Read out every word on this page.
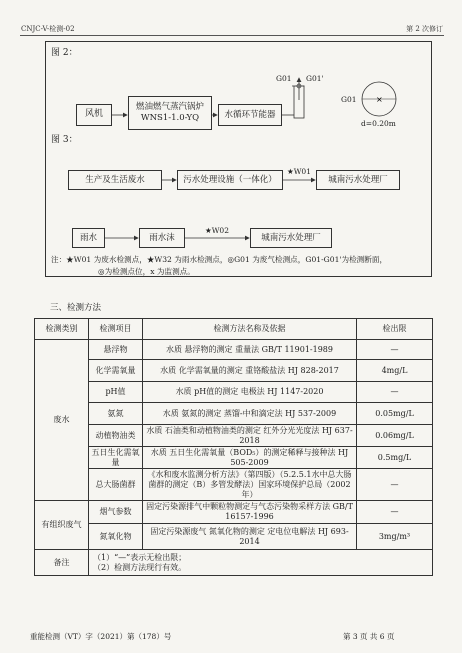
CNJC-V-检测-02	第 2 次修订
图 2：
风机
燃油燃气蒸汽锅炉
WNS1-1.0-YQ	水循环节能器
×
G01 G01'
G01
d=0.20m
图 3：
生产及生活废水	污水处理设施（一体化）
★W01
城南污水处理厂
雨水	雨水沫
★W02
城南污水处理厂
注：★W01 为废水检测点，★W32 为雨水检测点，◎G01 为废气检测点，G01-G01'为检测断面，
◎为检测点位，x 为监测点。
三、检测方法
检测类别	检测项目	检测方法名称及依据	检出限
废水	悬浮物	水质 悬浮物的测定 重量法 GB/T 11901-1989	—
	化学需氧量	水质 化学需氧量的测定 重铬酸盐法 HJ 828-2017	4mg/L
	pH值	水质 pH值的测定 电极法 HJ 1147-2020	—
	氨氮	水质 氨氮的测定 蒸馏-中和滴定法 HJ 537-2009	0.05mg/L
	动植物油类	水质 石油类和动植物油类的测定 红外分光光度法 HJ 637-2018	0.06mg/L
	五日生化需氧量	水质 五日生化需氧量（BOD₅）的测定稀释与接种法 HJ 505-2009	0.5mg/L
	总大肠菌群	《水和废水监测分析方法》（第四版）（5.2.5.1水中总大肠菌群的测定（B）多管发酵法）国家环境保护总局（2002年）	—
有组织废气	烟气参数	固定污染源排气中颗粒物测定与气态污染物采样方法 GB/T 16157-1996	—
	氮氧化物	固定污染源废气 氮氧化物的测定 定电位电解法 HJ 693-2014	3mg/m³
备注	（1）“—”表示无检出限；
（2）检测方法现行有效。		
重能检测（VT）字（2021）第（178）号	第 3 页 共 6 页
